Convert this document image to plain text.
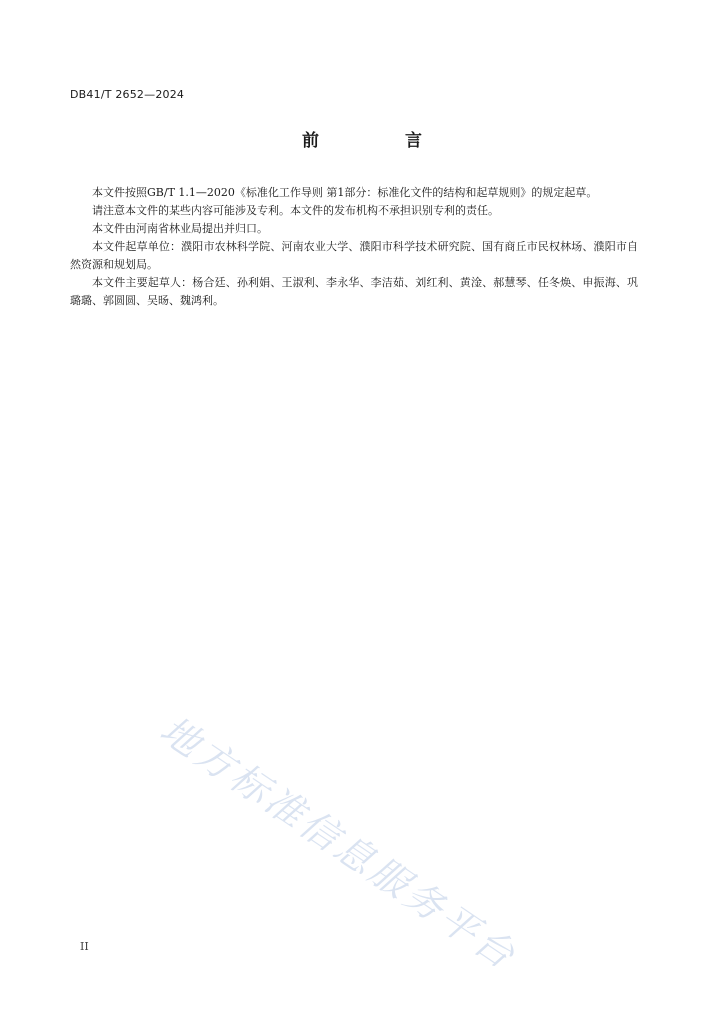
DB41/T 2652—2024
前 言

本文件按照GB/T 1.1—2020《标准化工作导则 第1部分：标准化文件的结构和起草规则》的规定起草。

请注意本文件的某些内容可能涉及专利。本文件的发布机构不承担识别专利的责任。

本文件由河南省林业局提出并归口。

本文件起草单位：濮阳市农林科学院、河南农业大学、濮阳市科学技术研究院、国有商丘市民权林场、濮阳市自然资源和规划局。

本文件主要起草人：杨合廷、孙利娟、王淑利、李永华、李洁茹、刘红利、黄淦、郝慧琴、任冬焕、申振海、巩璐璐、郭圆圆、吴旸、魏鸿利。

地方标准信息服务平台
II
